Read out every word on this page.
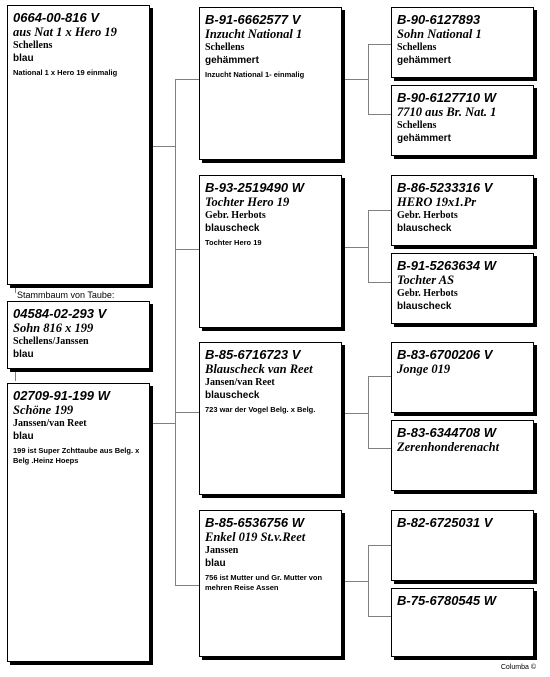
0664-00-816 V
aus Nat 1 x Hero 19
Schellens
blau
National 1 x Hero 19 einmalig
Stammbaum von Taube:
04584-02-293 V
Sohn 816 x 199
Schellens/Janssen
blau
02709-91-199 W
Schöne 199
Janssen/van Reet
blau
199 ist Super Zchttaube aus Belg. x Belg .Heinz Hoeps
B-91-6662577 V
Inzucht National 1
Schellens
gehämmert
Inzucht National 1- einmalig
B-93-2519490 W
Tochter Hero 19
Gebr. Herbots
blauscheck
Tochter Hero 19
B-85-6716723 V
Blauscheck van Reet
Jansen/van Reet
blauscheck
723 war der Vogel Belg. x Belg.
B-85-6536756 W
Enkel 019 St.v.Reet
Janssen
blau
756 ist Mutter und Gr. Mutter von mehren Reise Assen
B-90-6127893
Sohn National 1
Schellens
gehämmert
B-90-6127710 W
7710 aus Br. Nat. 1
Schellens
gehämmert
B-86-5233316 V
HERO 19x1.Pr
Gebr. Herbots
blauscheck
B-91-5263634 W
Tochter AS
Gebr. Herbots
blauscheck
B-83-6700206 V
Jonge 019
B-83-6344708 W
Zerenhonderenacht
B-82-6725031 V
B-75-6780545 W
Columba ©
